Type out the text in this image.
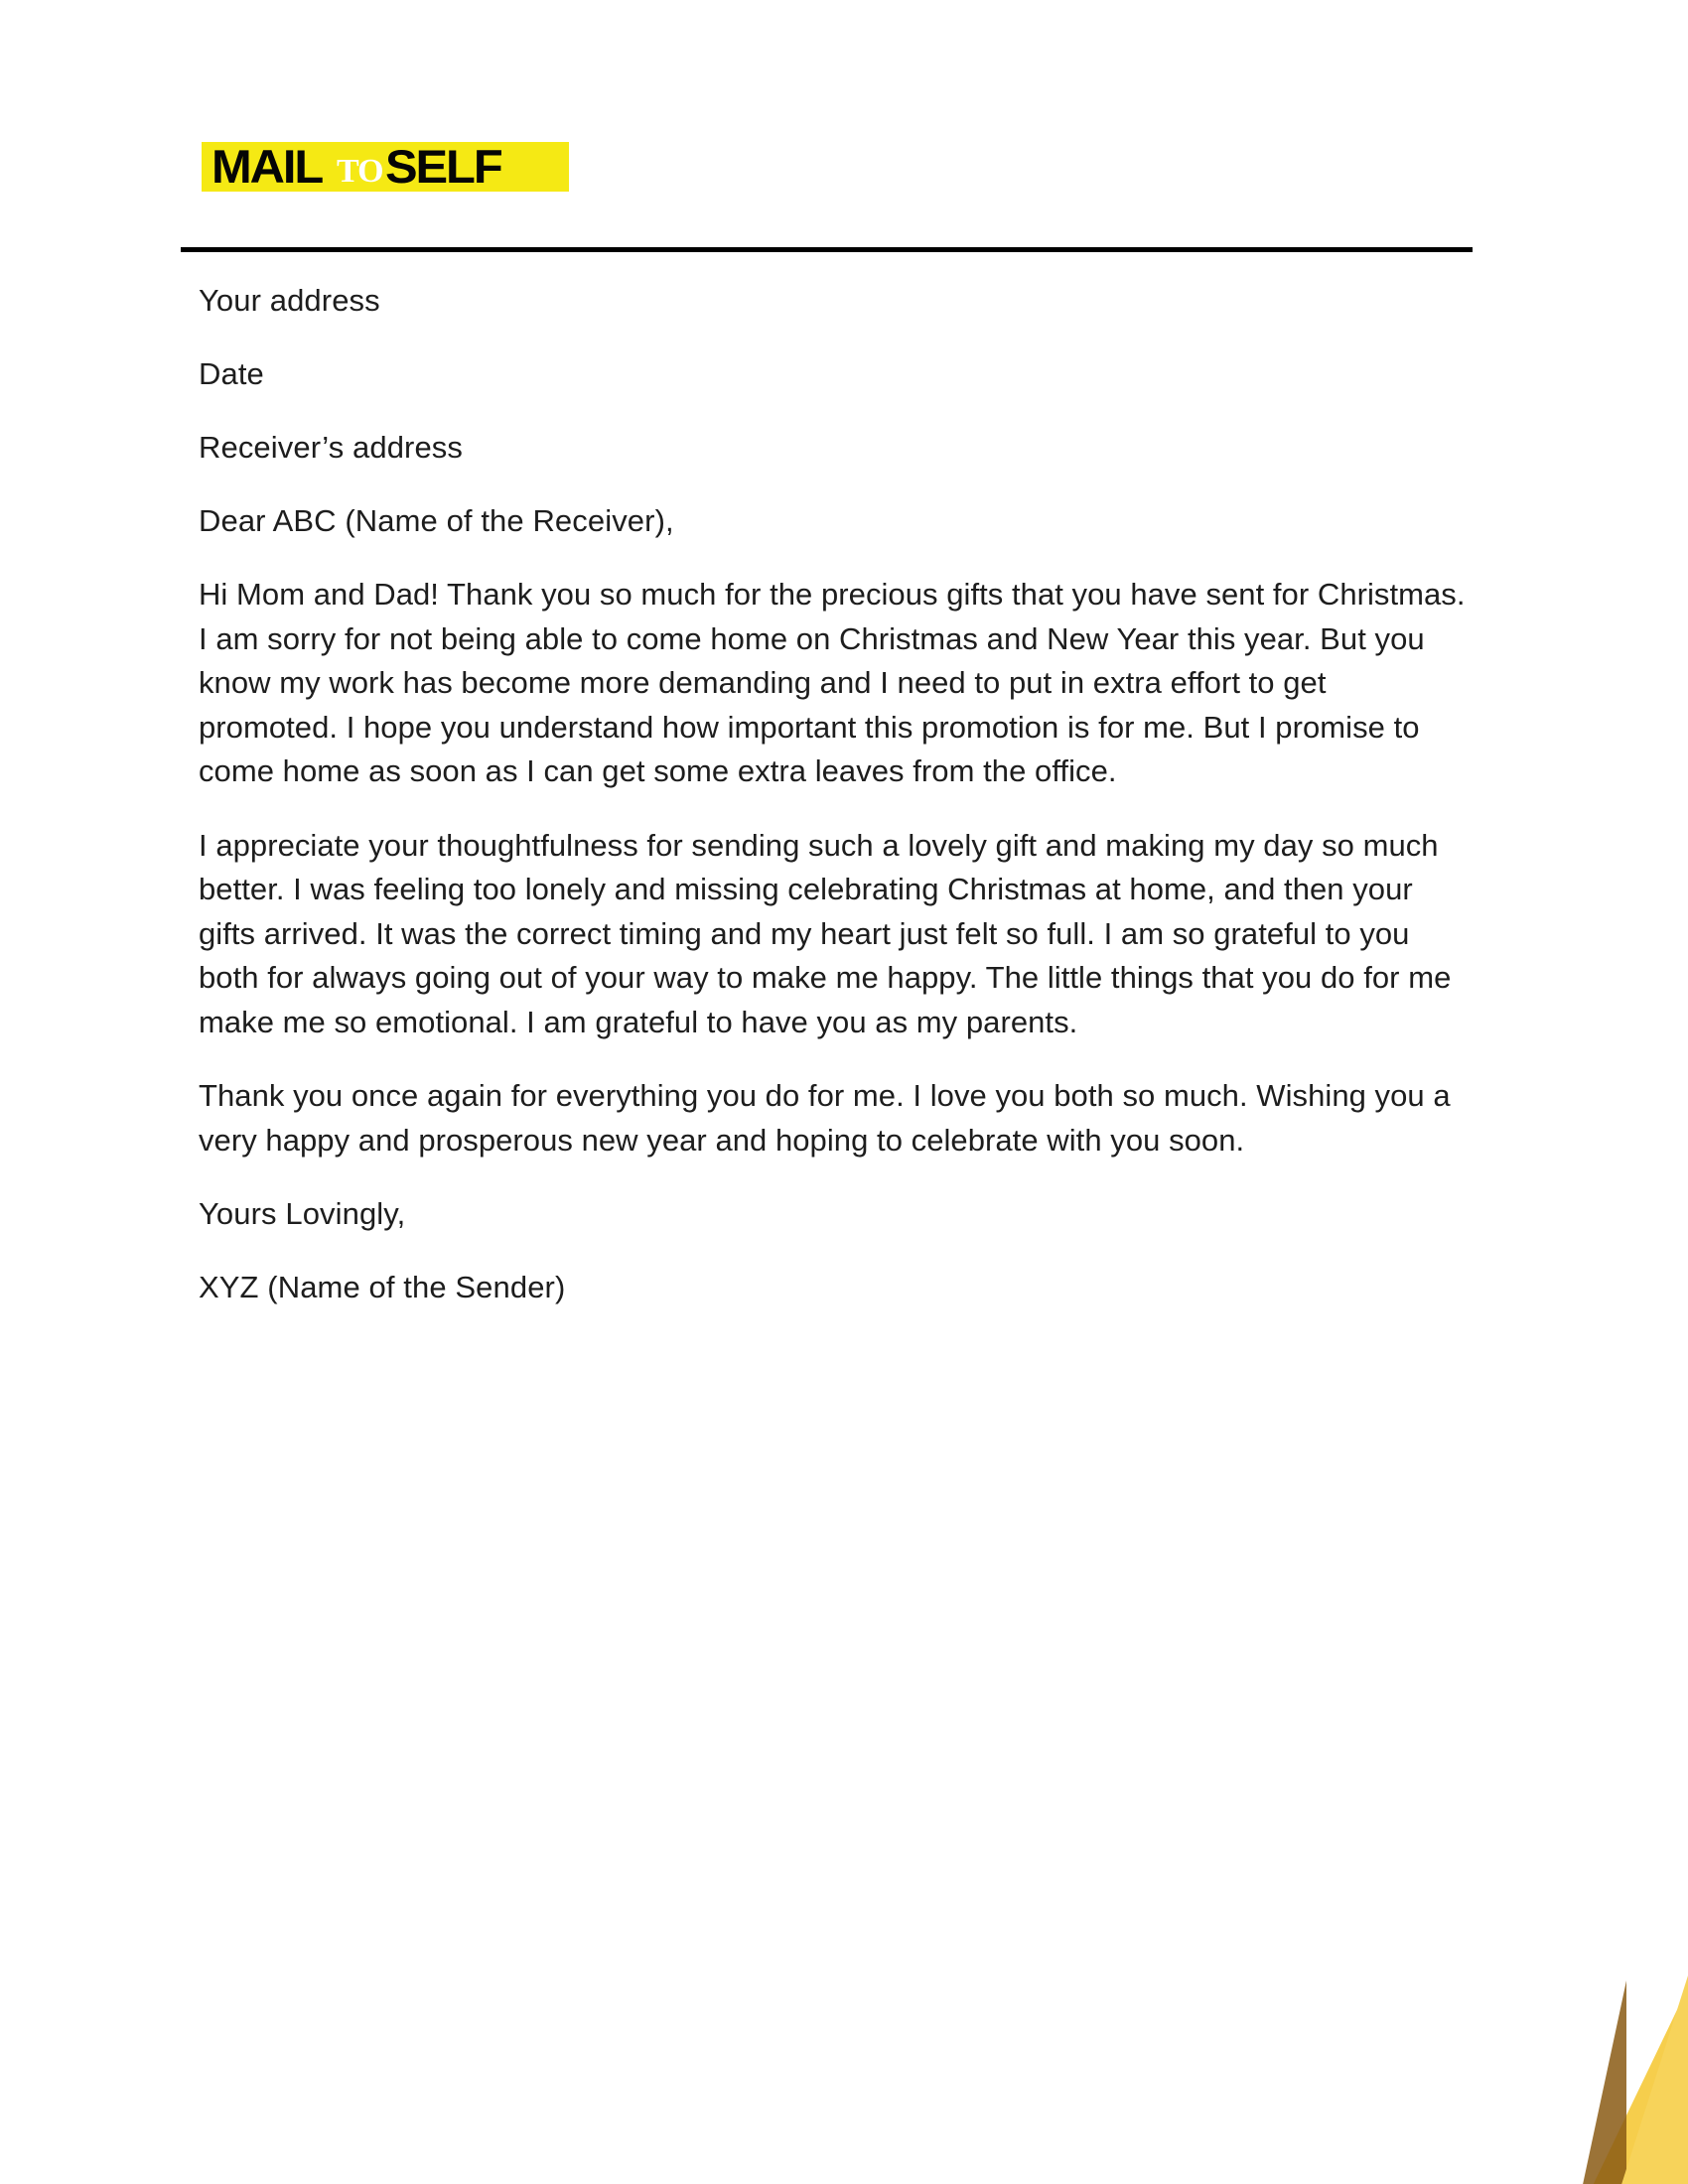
MAIL SELF
TO

Your address

Date

Receiver’s address

Dear ABC (Name of the Receiver),

Hi Mom and Dad! Thank you so much for the precious gifts that you have sent for Christmas. I am sorry for not being able to come home on Christmas and New Year this year. But you know my work has become more demanding and I need to put in extra effort to get promoted. I hope you understand how important this promotion is for me. But I promise to come home as soon as I can get some extra leaves from the office.

I appreciate your thoughtfulness for sending such a lovely gift and making my day so much better. I was feeling too lonely and missing celebrating Christmas at home, and then your gifts arrived. It was the correct timing and my heart just felt so full. I am so grateful to you both for always going out of your way to make me happy. The little things that you do for me make me so emotional. I am grateful to have you as my parents.

Thank you once again for everything you do for me. I love you both so much. Wishing you a very happy and prosperous new year and hoping to celebrate with you soon.

Yours Lovingly,

XYZ (Name of the Sender)
